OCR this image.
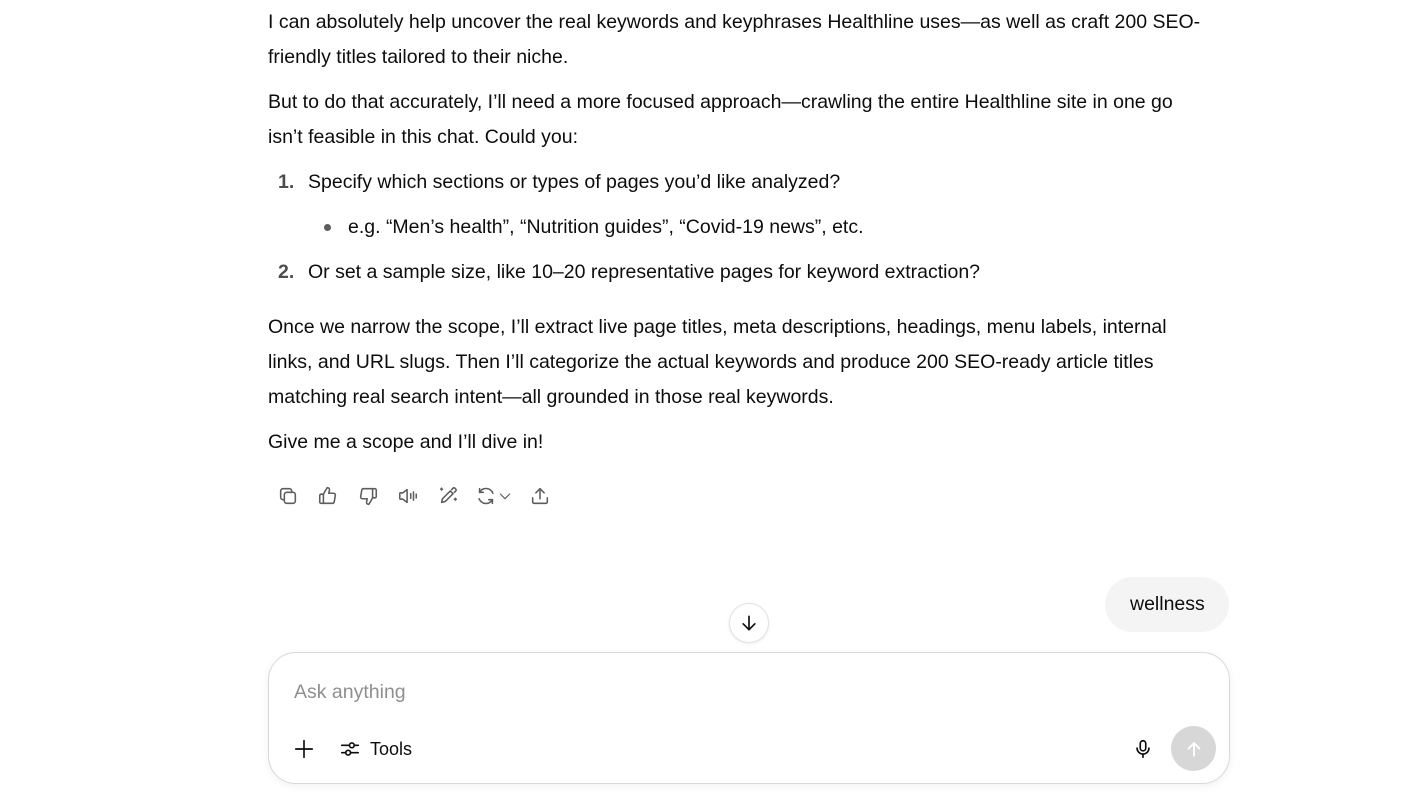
I can absolutely help uncover the real keywords and keyphrases Healthline uses—as well as craft 200 SEO-friendly titles tailored to their niche.

But to do that accurately, I’ll need a more focused approach—crawling the entire Healthline site in one go isn’t feasible in this chat. Could you:

1. Specify which sections or types of pages you’d like analyzed?
e.g. “Men’s health”, “Nutrition guides”, “Covid-19 news”, etc.
2. Or set a sample size, like 10–20 representative pages for keyword extraction?

Once we narrow the scope, I’ll extract live page titles, meta descriptions, headings, menu labels, internal links, and URL slugs. Then I’ll categorize the actual keywords and produce 200 SEO-ready article titles matching real search intent—all grounded in those real keywords.

Give me a scope and I’ll dive in!

wellness
Ask anything
Tools
